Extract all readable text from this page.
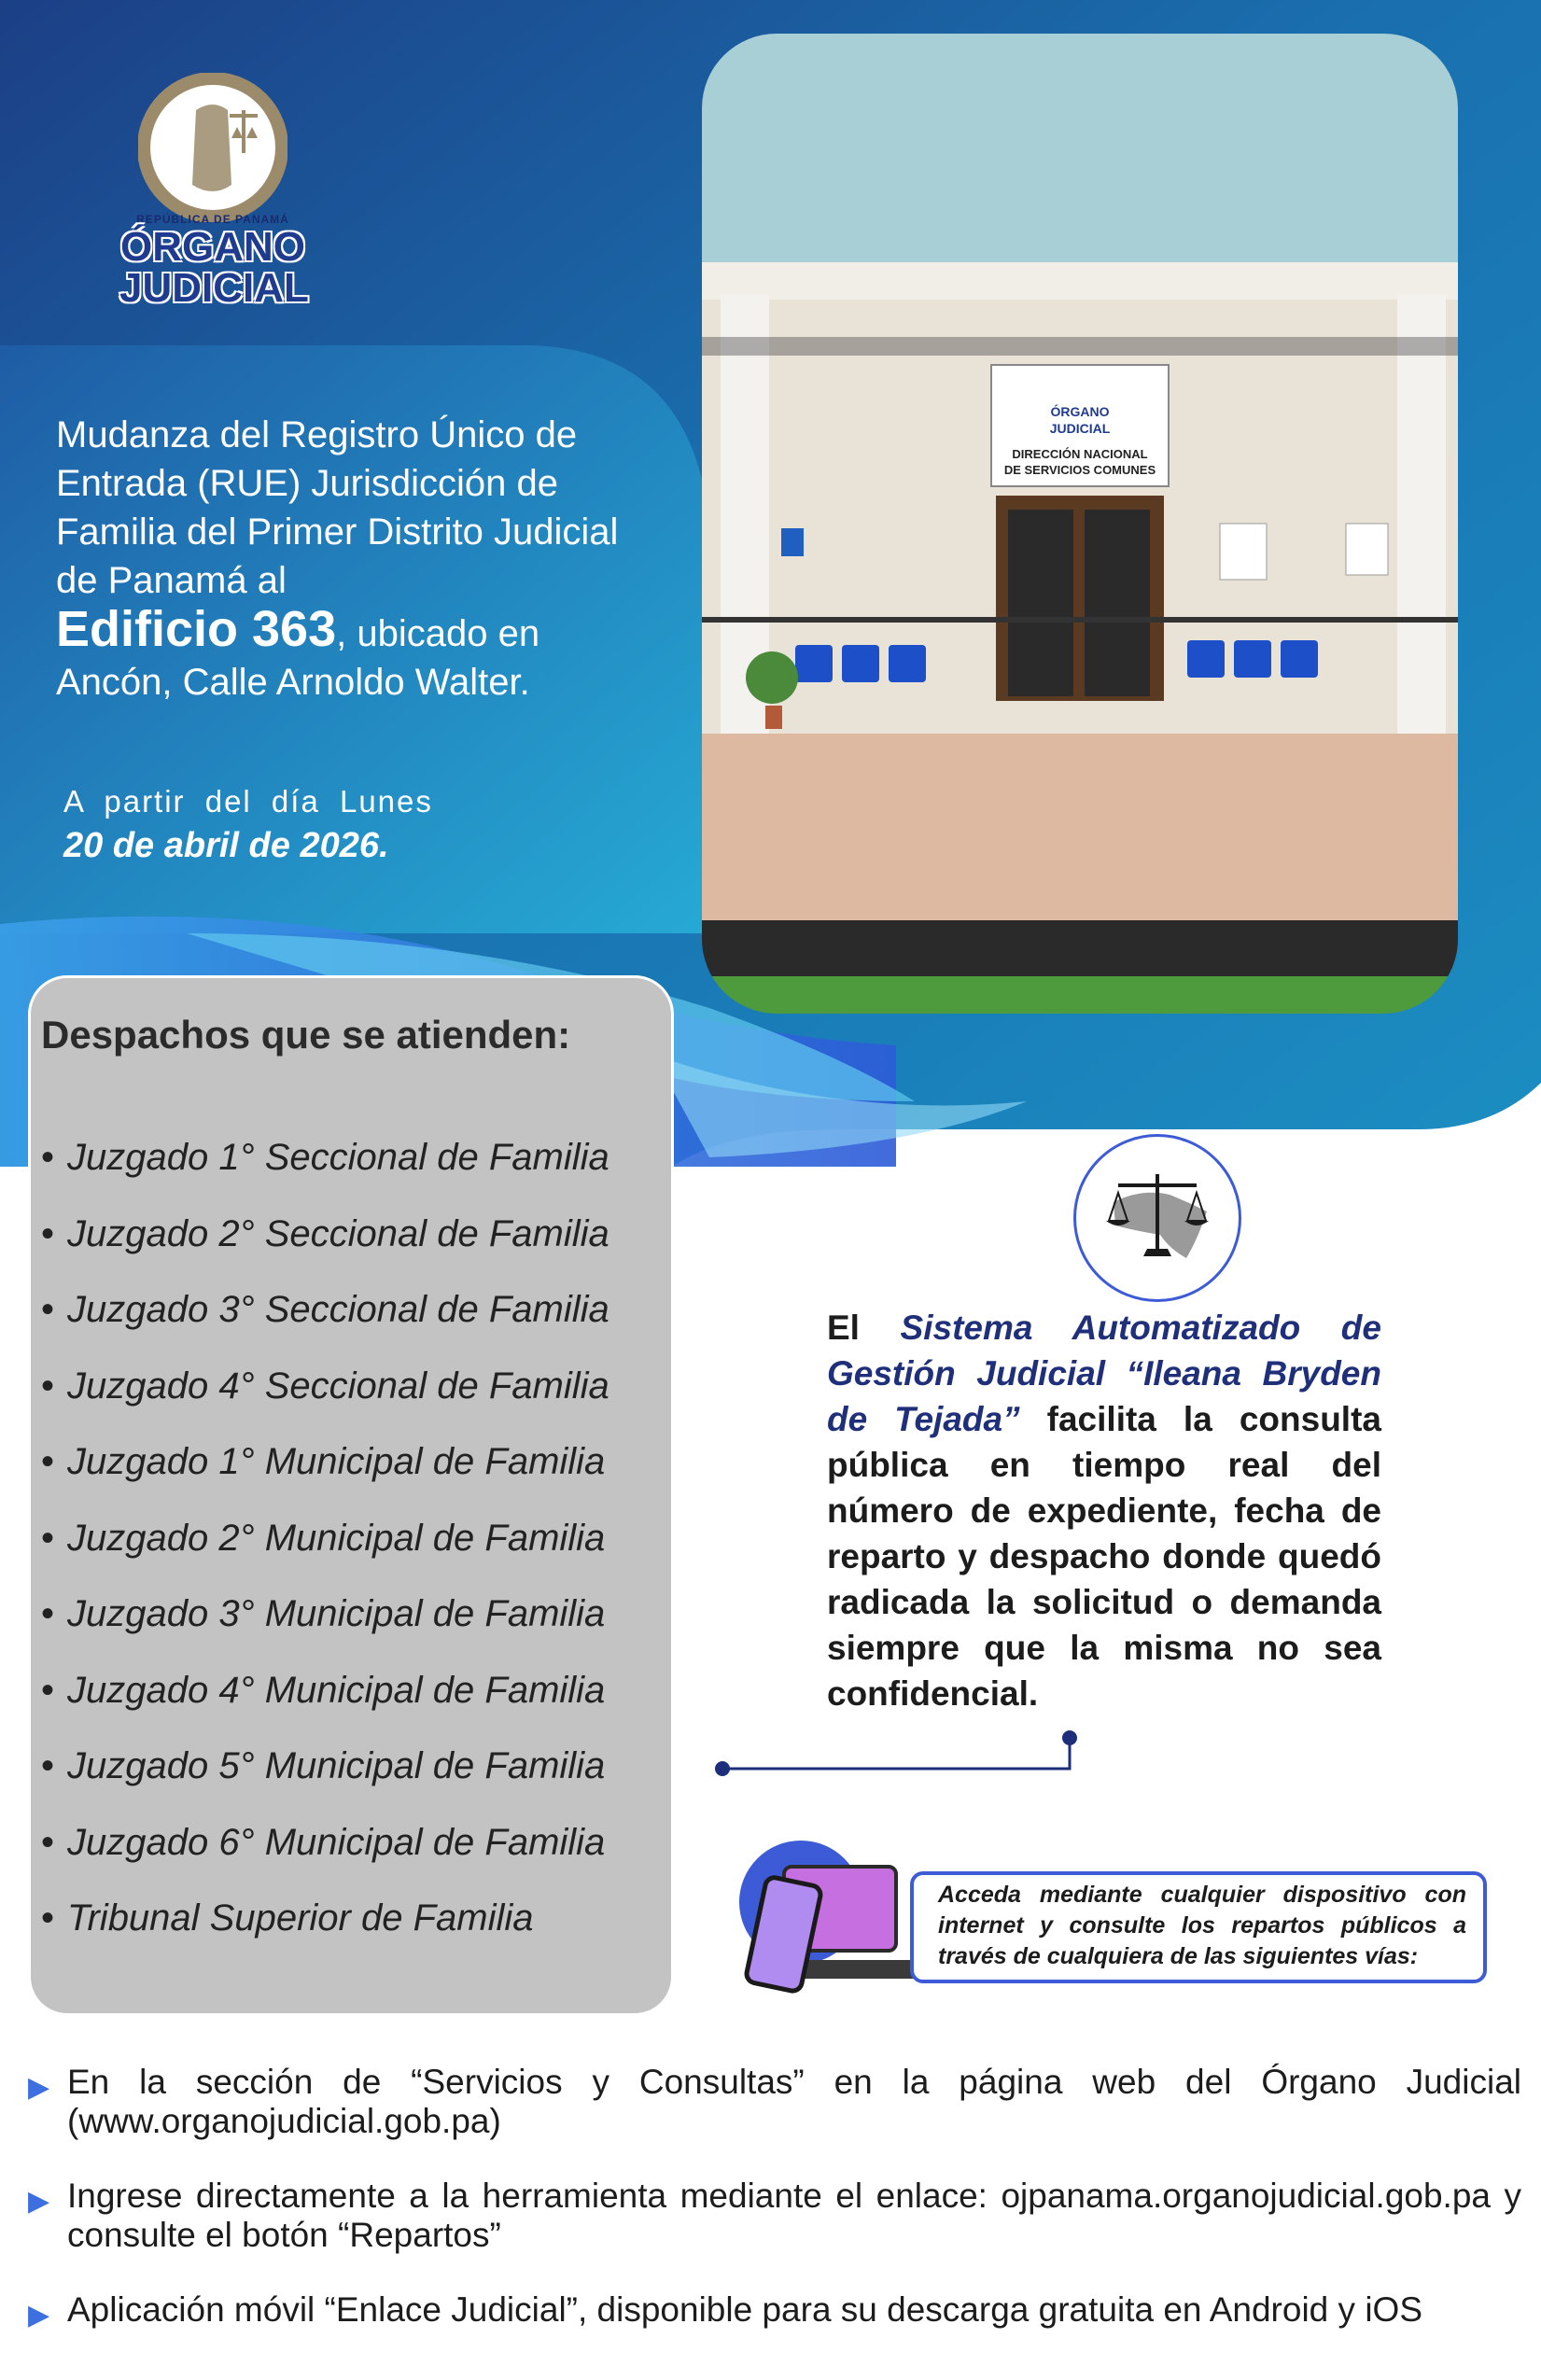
REPÚBLICA DE PANAMÁ
ÓRGANO
JUDICIAL
Mudanza del Registro Único de Entrada (RUE) Jurisdicción de Familia del Primer Distrito Judicial de Panamá al
Edificio 363, ubicado en Ancón, Calle Arnoldo Walter.
A partir del día Lunes
20 de abril de 2026.
ÓRGANO
JUDICIAL
DIRECCIÓN NACIONAL
DE SERVICIOS COMUNES
Despachos que se atienden:
• Juzgado 1° Seccional de Familia
• Juzgado 2° Seccional de Familia
• Juzgado 3° Seccional de Familia
• Juzgado 4° Seccional de Familia
• Juzgado 1° Municipal de Familia
• Juzgado 2° Municipal de Familia
• Juzgado 3° Municipal de Familia
• Juzgado 4° Municipal de Familia
• Juzgado 5° Municipal de Familia
• Juzgado 6° Municipal de Familia
• Tribunal Superior de Familia
El Sistema Automatizado de Gestión Judicial “Ileana Bryden de Tejada” facilita la consulta pública en tiempo real del número de expediente, fecha de reparto y despacho donde quedó radicada la solicitud o demanda siempre que la misma no sea confidencial.
Acceda mediante cualquier dispositivo con internet y consulte los repartos públicos a través de cualquiera de las siguientes vías:
▶ En la sección de “Servicios y Consultas” en la página web del Órgano Judicial (www.organojudicial.gob.pa)
▶ Ingrese directamente a la herramienta mediante el enlace: ojpanama.organojudicial.gob.pa y consulte el botón “Repartos”
▶ Aplicación móvil “Enlace Judicial”, disponible para su descarga gratuita en Android y iOS
